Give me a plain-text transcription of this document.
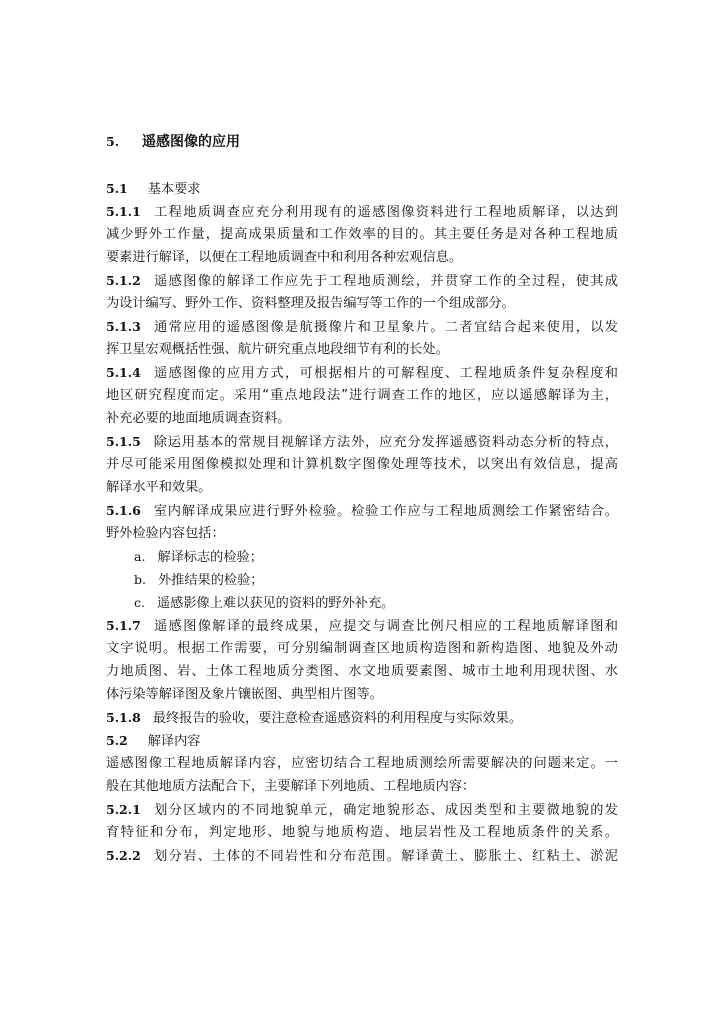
5. 遥感图像的应用
5.1 基本要求
5.1.1 工程地质调查应充分利用现有的遥感图像资料进行工程地质解译，以达到
减少野外工作量，提高成果质量和工作效率的目的。其主要任务是对各种工程地质
要素进行解译，以便在工程地质调查中和利用各种宏观信息。
5.1.2 遥感图像的解译工作应先于工程地质测绘，并贯穿工作的全过程，使其成
为设计编写、野外工作、资料整理及报告编写等工作的一个组成部分。
5.1.3 通常应用的遥感图像是航摄像片和卫星象片。二者宜结合起来使用，以发
挥卫星宏观概括性强、航片研究重点地段细节有利的长处。
5.1.4 遥感图像的应用方式，可根据相片的可解程度、工程地质条件复杂程度和
地区研究程度而定。采用“重点地段法”进行调查工作的地区，应以遥感解译为主，
补充必要的地面地质调查资料。
5.1.5 除运用基本的常规目视解译方法外，应充分发挥遥感资料动态分析的特点，
并尽可能采用图像模拟处理和计算机数字图像处理等技术，以突出有效信息，提高
解译水平和效果。
5.1.6 室内解译成果应进行野外检验。检验工作应与工程地质测绘工作紧密结合。
野外检验内容包括：
a. 解译标志的检验；
b. 外推结果的检验；
c. 遥感影像上难以获见的资料的野外补充。
5.1.7 遥感图像解译的最终成果，应提交与调查比例尺相应的工程地质解译图和
文字说明。根据工作需要，可分别编制调查区地质构造图和新构造图、地貌及外动
力地质图、岩、土体工程地质分类图、水文地质要素图、城市土地利用现状图、水
体污染等解译图及象片镶嵌图、典型相片图等。
5.1.8 最终报告的验收，要注意检查遥感资料的利用程度与实际效果。
5.2 解译内容
遥感图像工程地质解译内容，应密切结合工程地质测绘所需要解决的问题来定。一
般在其他地质方法配合下，主要解译下列地质、工程地质内容：
5.2.1 划分区域内的不同地貌单元，确定地貌形态、成因类型和主要微地貌的发
育特征和分布，判定地形、地貌与地质构造、地层岩性及工程地质条件的关系。
5.2.2 划分岩、土体的不同岩性和分布范围。解译黄土、膨胀土、红粘土、淤泥
